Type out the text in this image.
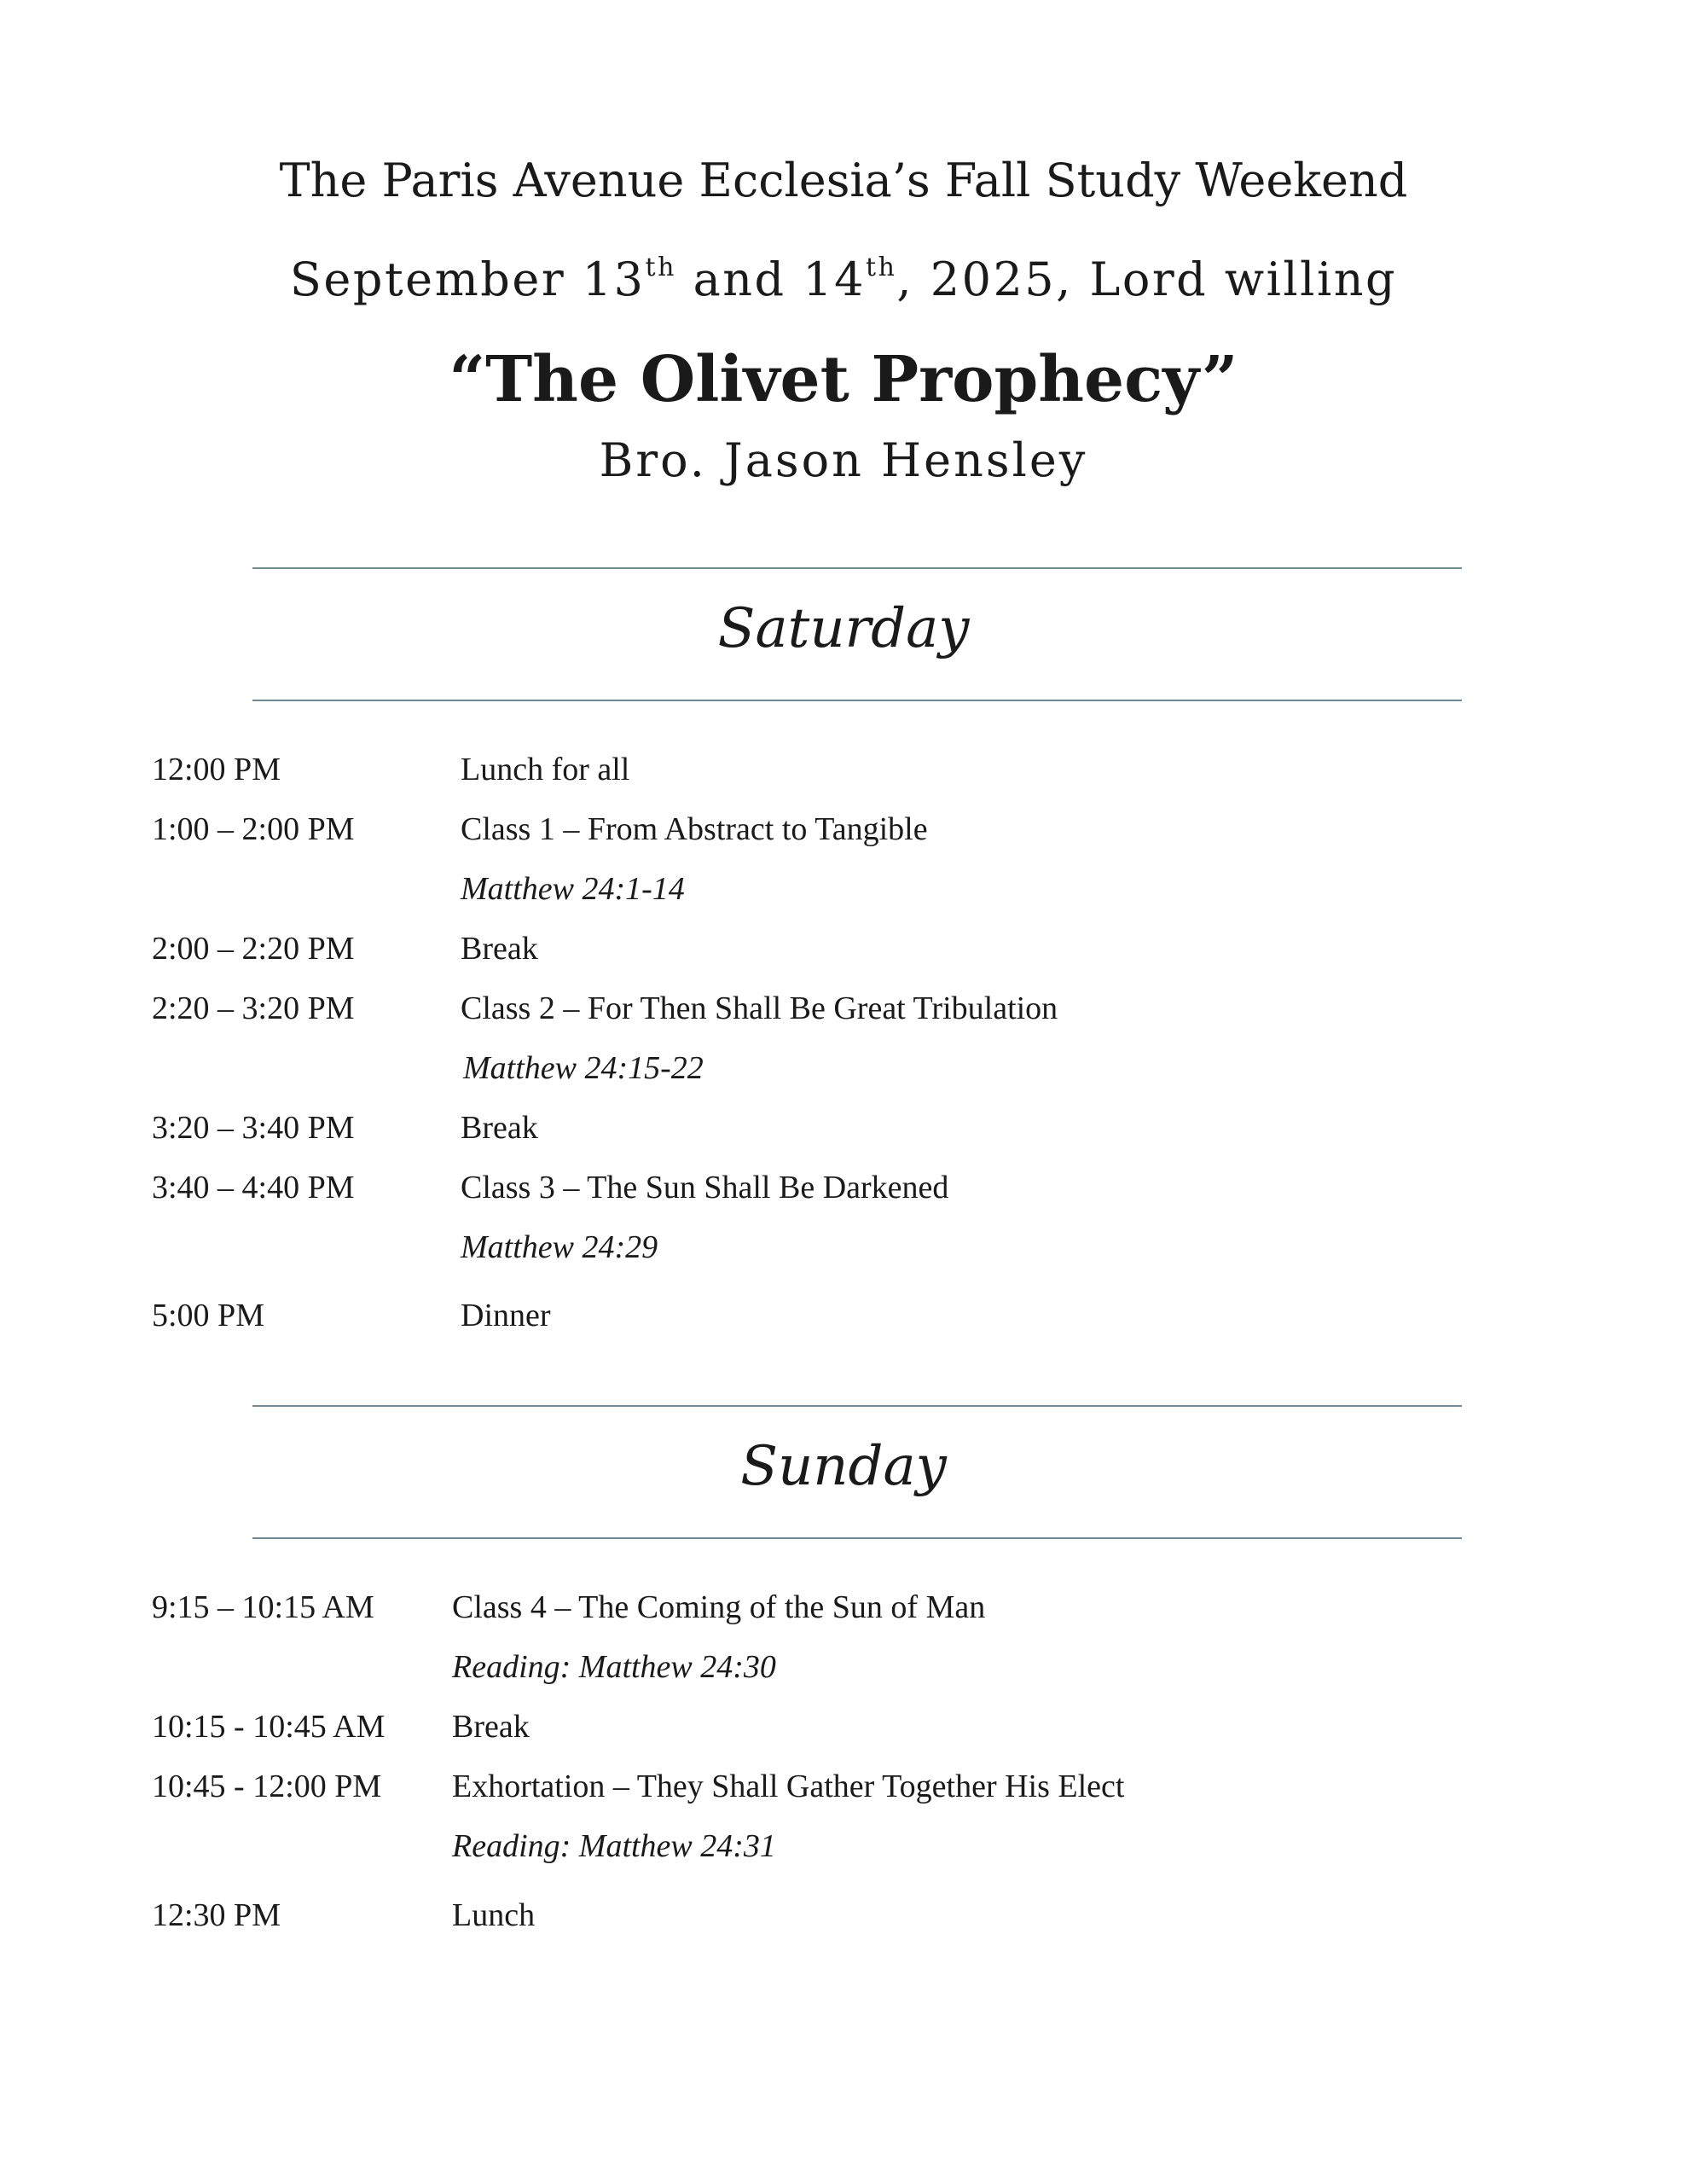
The Paris Avenue Ecclesia’s Fall Study Weekend
September 13th and 14th, 2025, Lord willing
“The Olivet Prophecy”
Bro. Jason Hensley
Saturday
12:00 PM	Lunch for all
1:00 – 2:00 PM	Class 1 – From Abstract to Tangible
Matthew 24:1-14
2:00 – 2:20 PM	Break
2:20 – 3:20 PM	Class 2 – For Then Shall Be Great Tribulation
Matthew 24:15-22
3:20 – 3:40 PM	Break
3:40 – 4:40 PM	Class 3 – The Sun Shall Be Darkened
Matthew 24:29
5:00 PM	Dinner
Sunday
9:15 – 10:15 AM Class 4 – The Coming of the Sun of Man
Reading: Matthew 24:30
10:15 - 10:45 AM Break
10:45 - 12:00 PM Exhortation – They Shall Gather Together His Elect
Reading: Matthew 24:31
12:30 PM	Lunch
